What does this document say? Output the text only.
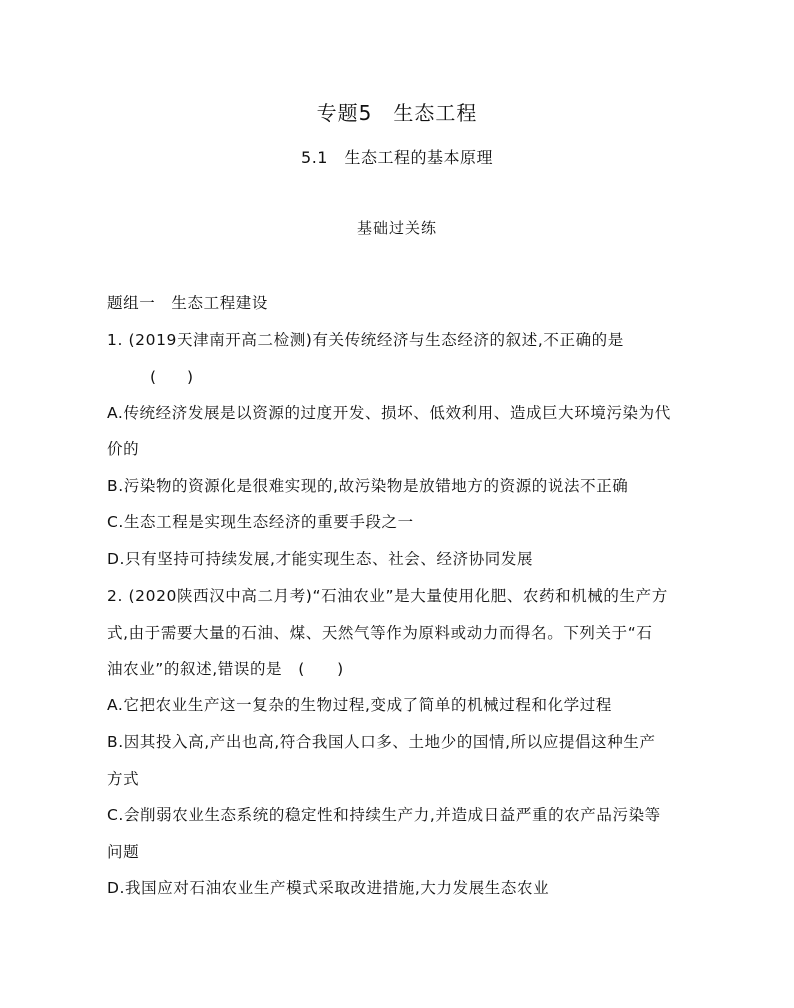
专题5　生态工程
5.1　生态工程的基本原理
基础过关练
题组一　生态工程建设
1. (2019天津南开高二检测)有关传统经济与生态经济的叙述,不正确的是
(　　)
A.传统经济发展是以资源的过度开发、损坏、低效利用、造成巨大环境污染为代
价的
B.污染物的资源化是很难实现的,故污染物是放错地方的资源的说法不正确
C.生态工程是实现生态经济的重要手段之一
D.只有坚持可持续发展,才能实现生态、社会、经济协同发展
2. (2020陕西汉中高二月考)“石油农业”是大量使用化肥、农药和机械的生产方
式,由于需要大量的石油、煤、天然气等作为原料或动力而得名。下列关于“石
油农业”的叙述,错误的是　(　　)
A.它把农业生产这一复杂的生物过程,变成了简单的机械过程和化学过程
B.因其投入高,产出也高,符合我国人口多、土地少的国情,所以应提倡这种生产
方式
C.会削弱农业生态系统的稳定性和持续生产力,并造成日益严重的农产品污染等
问题
D.我国应对石油农业生产模式采取改进措施,大力发展生态农业
